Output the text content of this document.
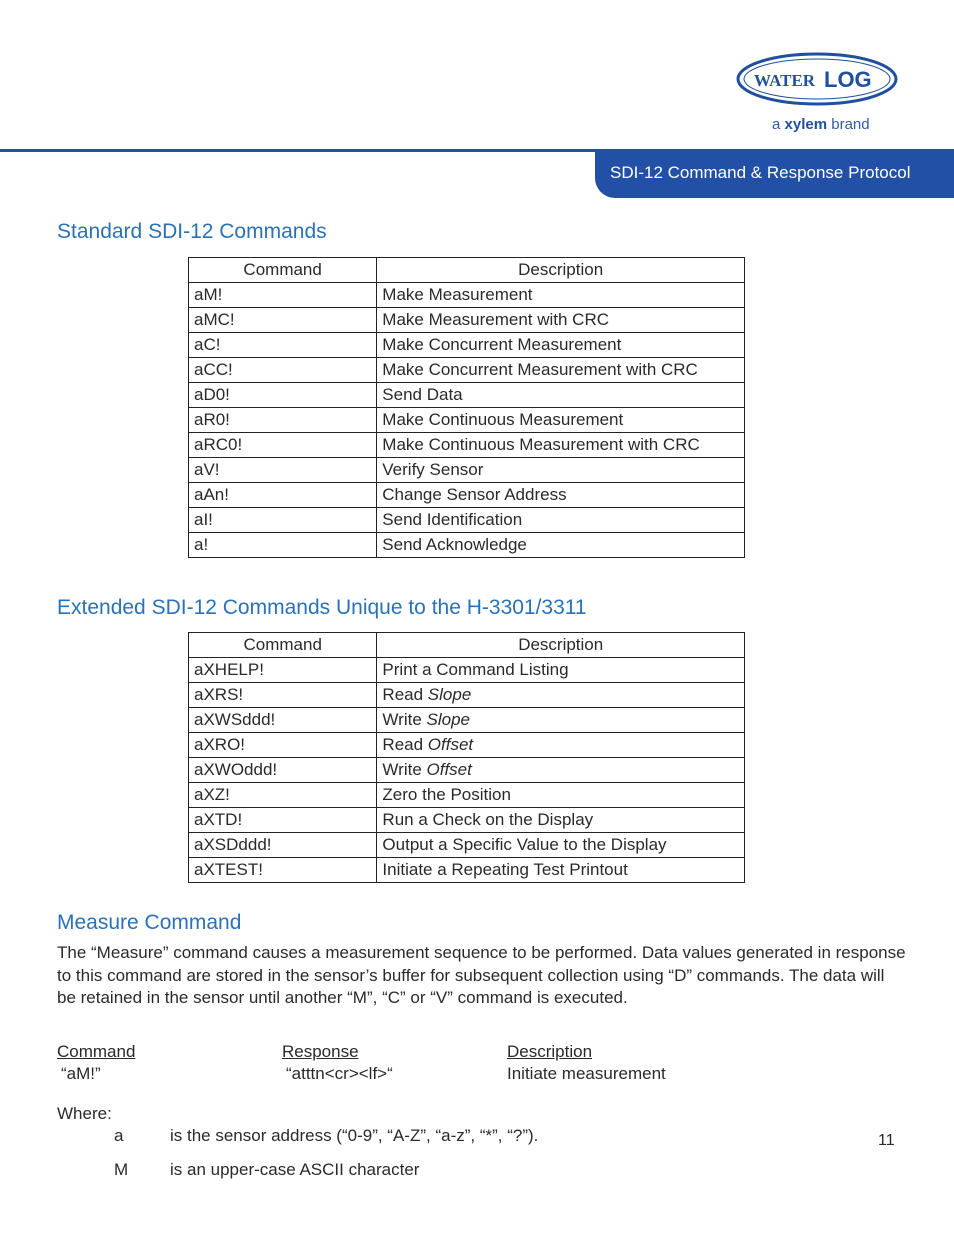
WATER LOG
a xylem brand
SDI-12 Command & Response Protocol
Standard SDI-12 Commands
Command	Description
aM!	Make Measurement
aMC!	Make Measurement with CRC
aC!	Make Concurrent Measurement
aCC!	Make Concurrent Measurement with CRC
aD0!	Send Data
aR0!	Make Continuous Measurement
aRC0!	Make Continuous Measurement with CRC
aV!	Verify Sensor
aAn!	Change Sensor Address
aI!	Send Identification
a!	Send Acknowledge
Extended SDI-12 Commands Unique to the H-3301/3311
Command	Description
aXHELP!	Print a Command Listing
aXRS!	Read Slope
aXWSddd!	Write Slope
aXRO!	Read Offset
aXWOddd!	Write Offset
aXZ!	Zero the Position
aXTD!	Run a Check on the Display
aXSDddd!	Output a Specific Value to the Display
aXTEST!	Initiate a Repeating Test Printout
Measure Command
The “Measure” command causes a measurement sequence to be performed. Data values generated in response to this command are stored in the sensor’s buffer for subsequent collection using “D” commands. The data will be retained in the sensor until another “M”, “C” or “V” command is executed.
Command	Response	Description
“aM!”	“atttn<cr><lf>“	Initiate measurement
Where:
a	is the sensor address (“0-9”, “A-Z”, “a-z”, “*”, “?”).
M is an upper-case ASCII character
11
